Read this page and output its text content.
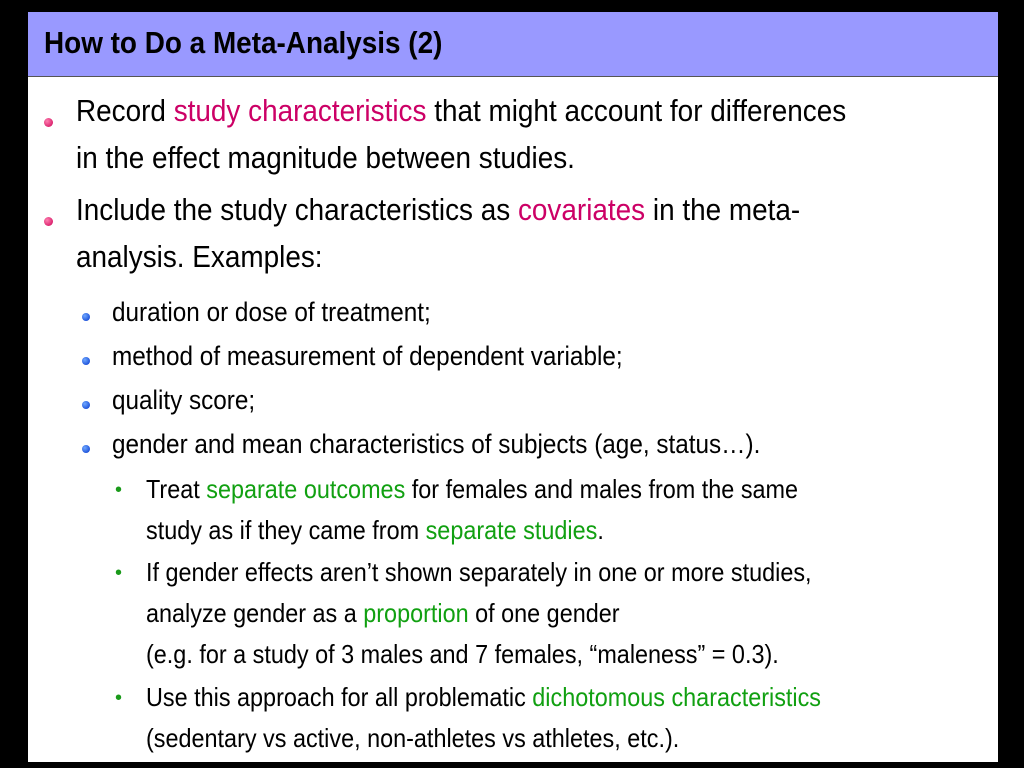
How to Do a Meta-Analysis (2)
Record study characteristics that might account for differences
in the effect magnitude between studies.
Include the study characteristics as covariates in the meta-
analysis. Examples:
duration or dose of treatment;
method of measurement of dependent variable;
quality score;
gender and mean characteristics of subjects (age, status…).
• Treat separate outcomes for females and males from the same
study as if they came from separate studies.
• If gender effects aren’t shown separately in one or more studies,
analyze gender as a proportion of one gender
(e.g. for a study of 3 males and 7 females, “maleness” = 0.3).
• Use this approach for all problematic dichotomous characteristics
(sedentary vs active, non-athletes vs athletes, etc.).
